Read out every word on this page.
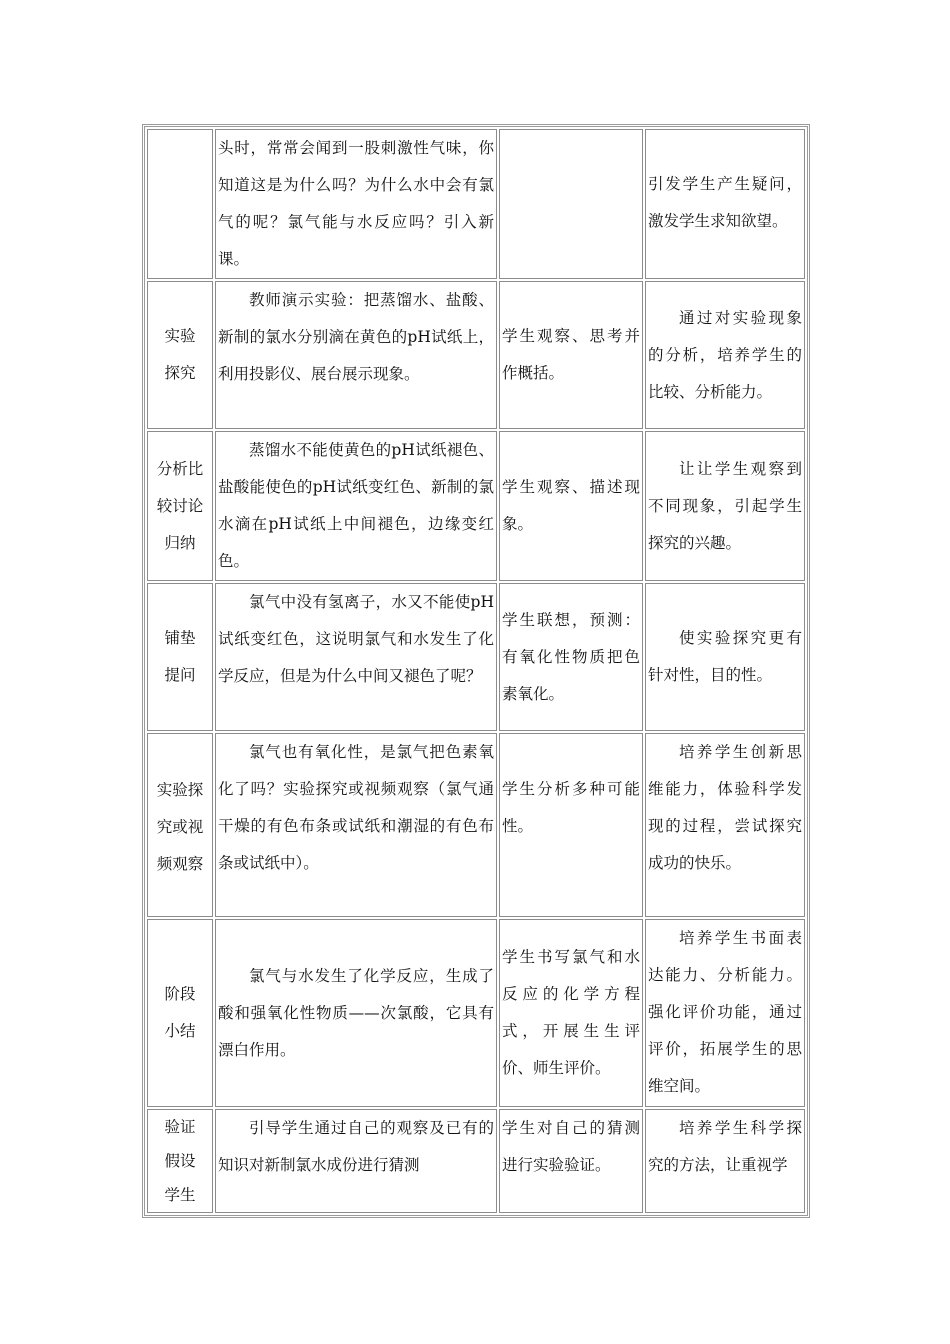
	头时，常常会闻到一股刺激性气味，你知道这是为什么吗？为什么水中会有氯气的呢？氯气能与水反应吗？引入新课。		引发学生产生疑问，激发学生求知欲望。
实验
探究	教师演示实验：把蒸馏水、盐酸、新制的氯水分别滴在黄色的pH试纸上，利用投影仪、展台展示现象。	学生观察、思考并作概括。	通过对实验现象的分析，培养学生的比较、分析能力。

分析比
较讨论
归纳	蒸馏水不能使黄色的pH试纸褪色、盐酸能使色的pH试纸变红色、新制的氯水滴在pH试纸上中间褪色，边缘变红色。	学生观察、描述现象。	让让学生观察到不同现象，引起学生探究的兴趣。

铺垫
提问	氯气中没有氢离子，水又不能使pH试纸变红色，这说明氯气和水发生了化学反应，但是为什么中间又褪色了呢？	学生联想，预测：有氧化性物质把色素氧化。	使实验探究更有针对性，目的性。

实验探
究或视
频观察	氯气也有氧化性，是氯气把色素氧化了吗？实验探究或视频观察（氯气通干燥的有色布条或试纸和潮湿的有色布条或试纸中）。	学生分析多种可能性。	培养学生创新思维能力，体验科学发现的过程，尝试探究成功的快乐。

阶段
小结	氯气与水发生了化学反应，生成了酸和强氧化性物质——次氯酸，它具有漂白作用。	学生书写氯气和水反应的化学方程式，开展生生评价、师生评价。	培养学生书面表达能力、分析能力。强化评价功能，通过评价，拓展学生的思维空间。

验证
假设
学生	引导学生通过自己的观察及已有的知识对新制氯水成份进行猜测	学生对自己的猜测进行实验验证。	培养学生科学探究的方法，让重视学
